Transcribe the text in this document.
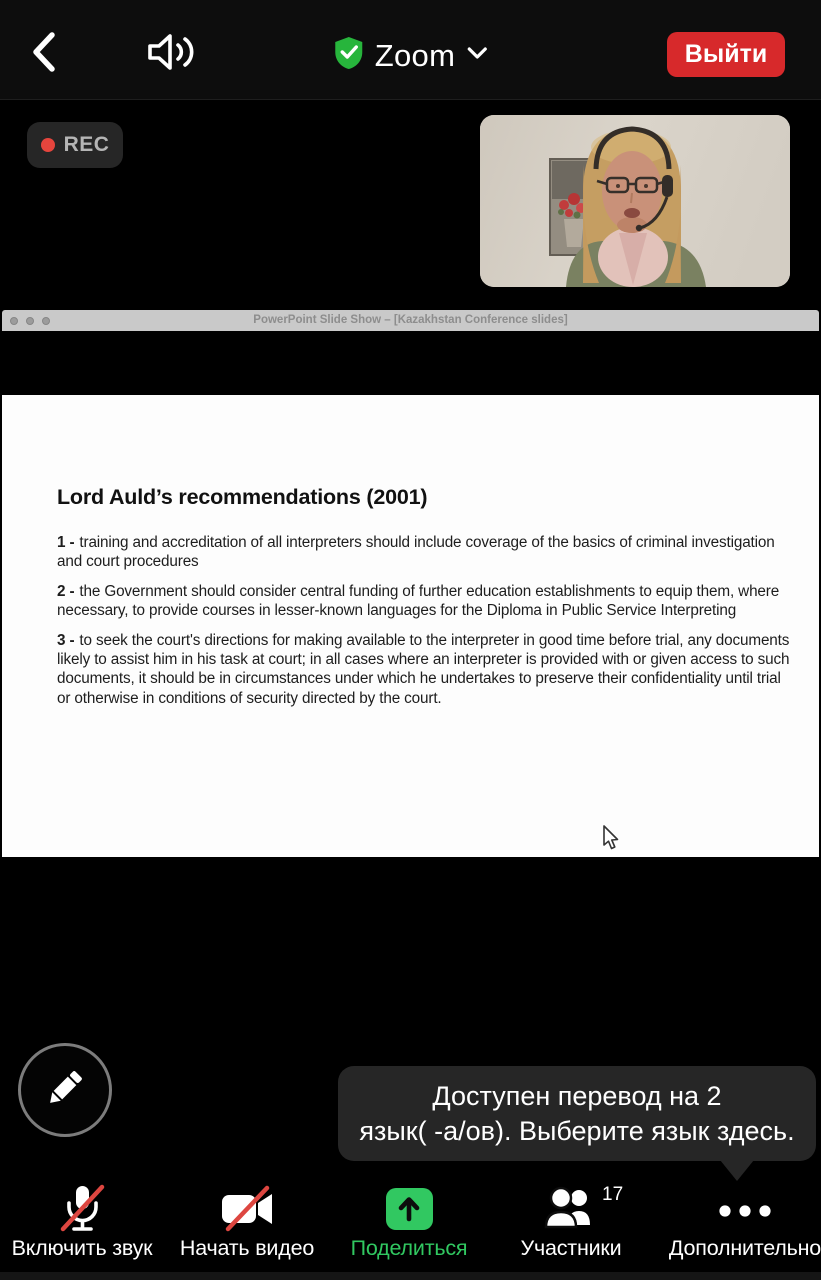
Zoom	Выйти
REC
PowerPoint Slide Show – [Kazakhstan Conference slides]
Lord Auld’s recommendations (2001)

1 - training and accreditation of all interpreters should include coverage of the basics of criminal investigation and court procedures

2 - the Government should consider central funding of further education establishments to equip them, where necessary, to provide courses in lesser-known languages for the Diploma in Public Service Interpreting

3 - to seek the court's directions for making available to the interpreter in good time before trial, any documents likely to assist him in his task at court; in all cases where an interpreter is provided with or given access to such documents, it should be in circumstances under which he undertakes to preserve their confidentiality until trial or otherwise in conditions of security directed by the court.

Доступен перевод на 2
язык( -а/ов). Выберите язык здесь.
Включить звук	Начать видео	Поделиться
17
Участники	Дополнительно
